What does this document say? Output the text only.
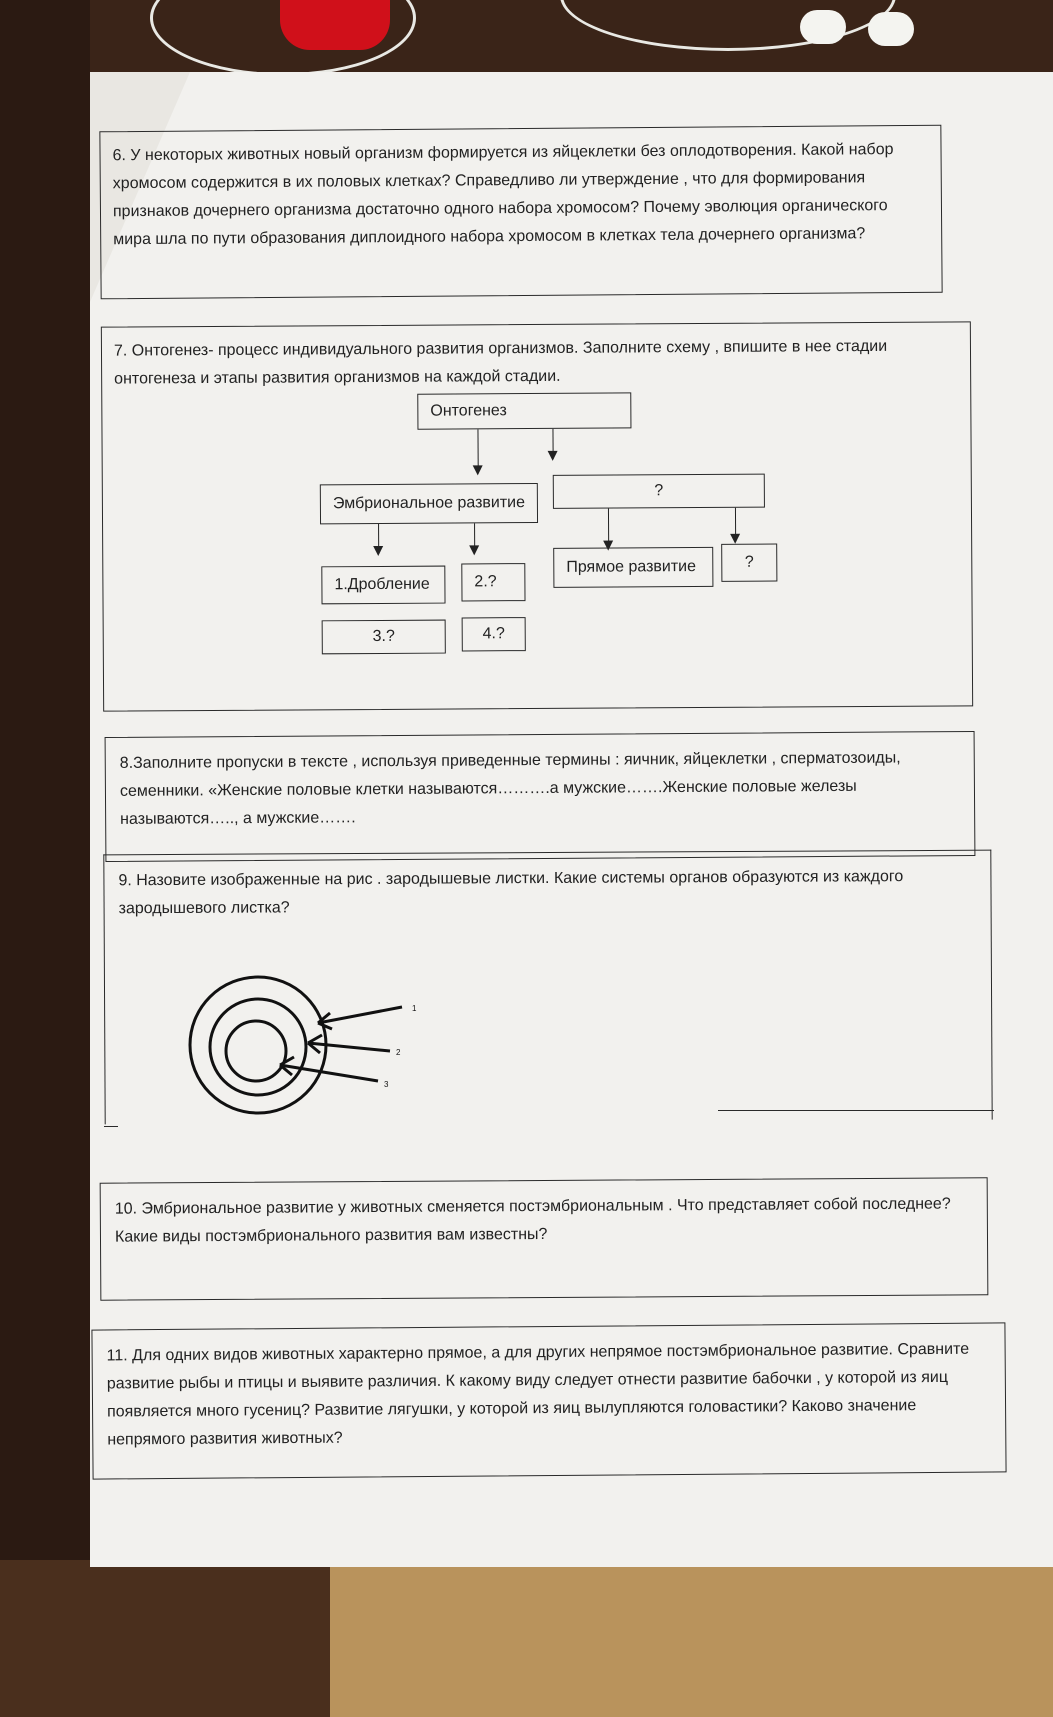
6. У некоторых животных новый организм формируется из яйцеклетки без оплодотворения. Какой набор хромосом содержится в их половых клетках? Справедливо ли утверждение , что для формирования признаков дочернего организма достаточно одного набора хромосом? Почему эволюция органического мира шла по пути образования диплоидного набора хромосом в клетках тела дочернего организма?

7. Онтогенез- процесс индивидуального развития организмов. Заполните схему , впишите в нее стадии онтогенеза и этапы развития организмов на каждой стадии.

Онтогенез
Эмбриональное развитие
?
Прямое развитие	?
1.Дробление	2.?
3.?	4.?

8.Заполните пропуски в тексте , используя приведенные термины : яичник, яйцеклетки , сперматозоиды, семенники. «Женские половые клетки называются……….а мужские…….Женские половые железы называются….., а мужские…….

9. Назовите изображенные на рис . зародышевые листки. Какие системы органов образуются из каждого зародышевого листка?

1
2
3

10. Эмбриональное развитие у животных сменяется постэмбриональным . Что представляет собой последнее? Какие виды постэмбрионального развития вам известны?

11. Для одних видов животных характерно прямое, а для других непрямое постэмбриональное развитие. Сравните развитие рыбы и птицы и выявите различия. К какому виду следует отнести развитие бабочки , у которой из яиц появляется много гусениц? Развитие лягушки, у которой из яиц вылупляются головастики? Каково значение непрямого развития животных?
